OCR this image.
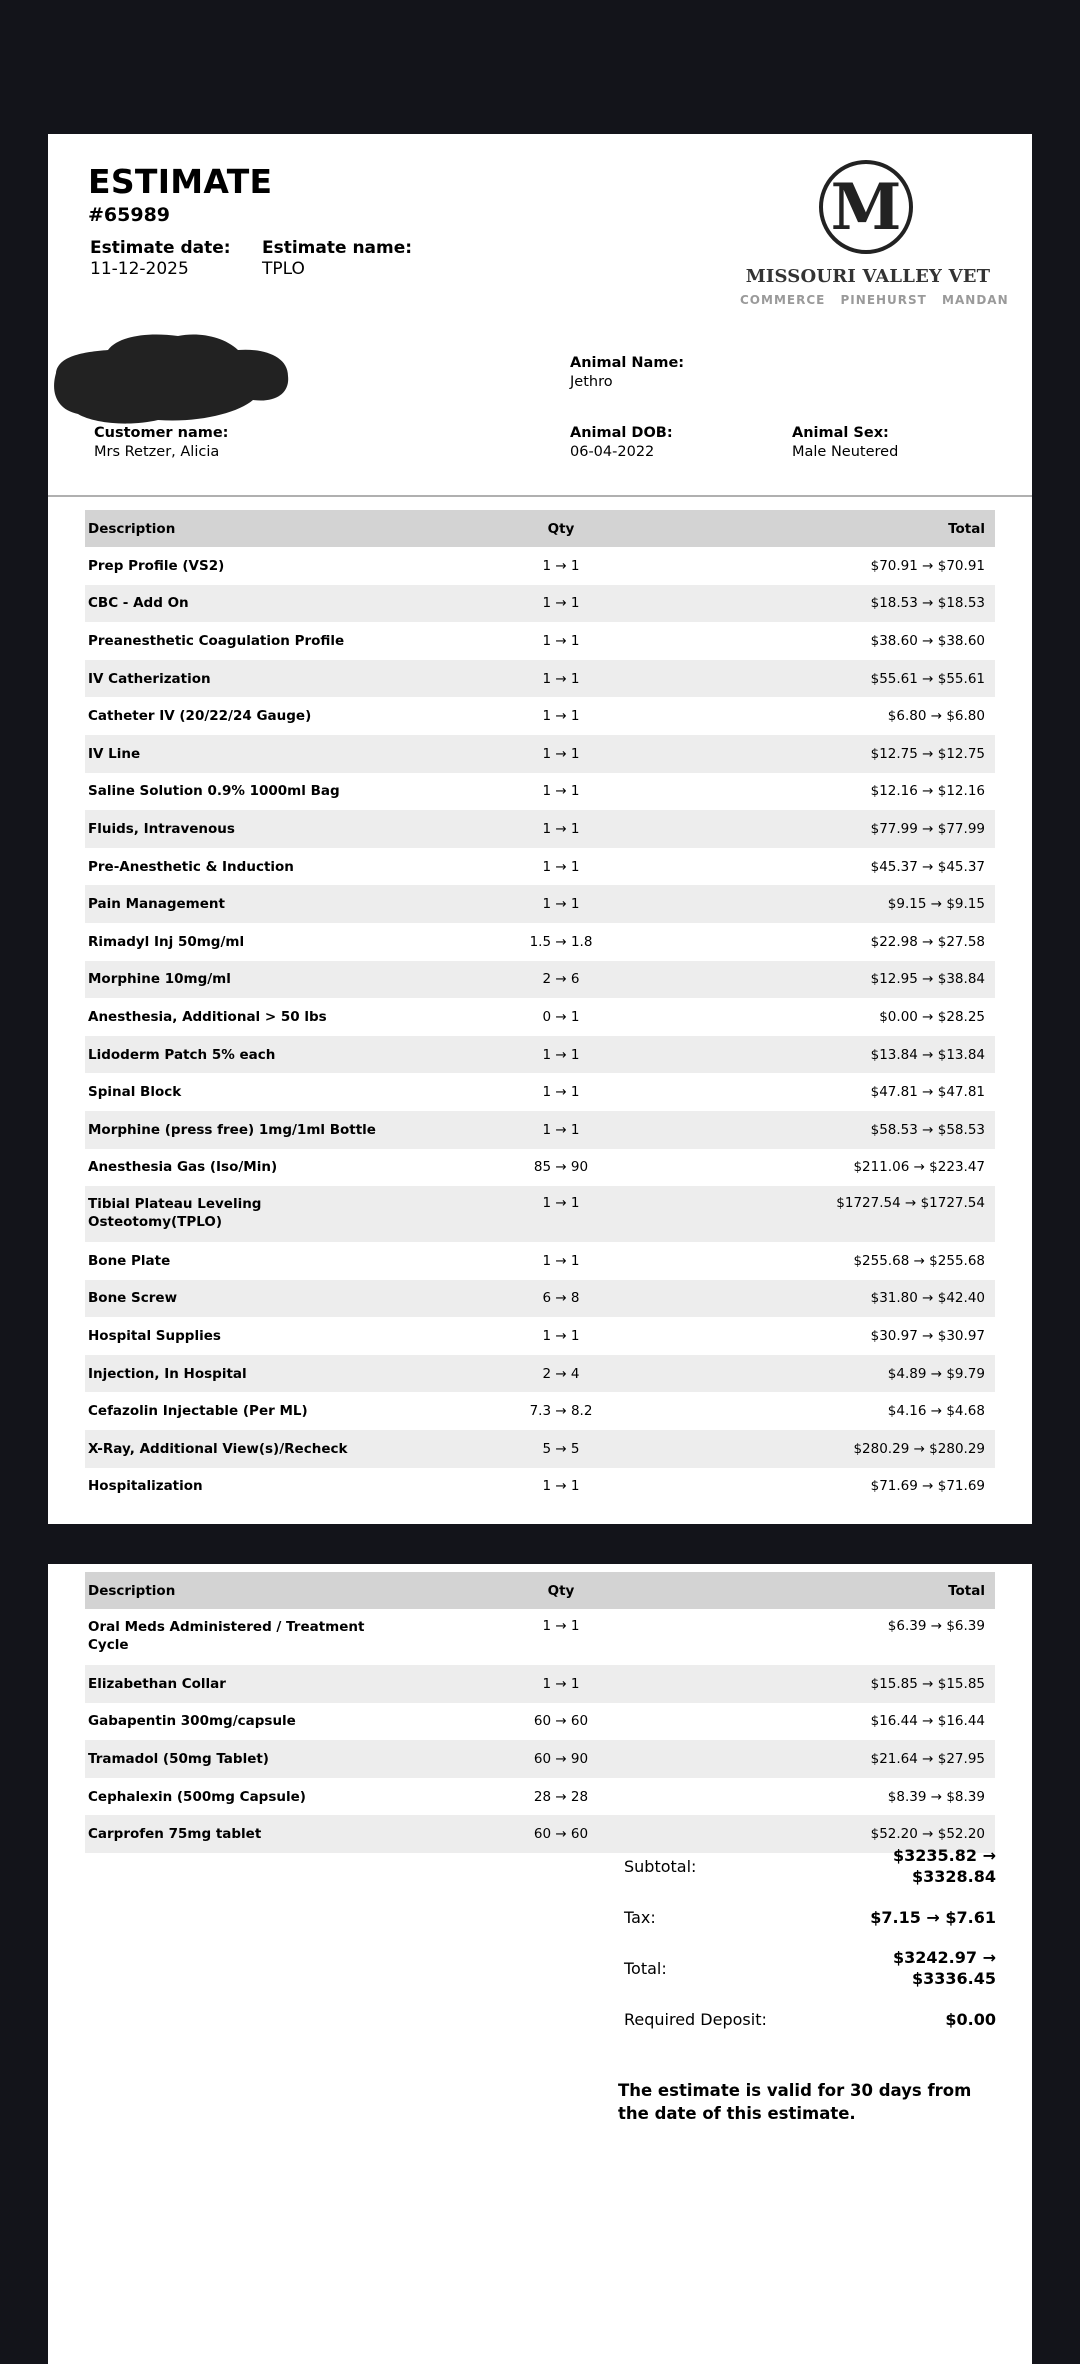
ESTIMATE
#65989
Estimate date:
11-12-2025
Estimate name:
TPLO
M
MISSOURI VALLEY VET
COMMERCE PINEHURST MANDAN
Animal Name:
Jethro
Customer name:
Mrs Retzer, Alicia
Animal DOB:
06-04-2022
Animal Sex:
Male Neutered
Description	Qty	Total
Prep Profile (VS2)	1 → 1	$70.91 → $70.91
CBC - Add On	1 → 1	$18.53 → $18.53
Preanesthetic Coagulation Profile	1 → 1	$38.60 → $38.60
IV Catherization	1 → 1	$55.61 → $55.61
Catheter IV (20/22/24 Gauge)	1 → 1	$6.80 → $6.80
IV Line	1 → 1	$12.75 → $12.75
Saline Solution 0.9% 1000ml Bag	1 → 1	$12.16 → $12.16
Fluids, Intravenous	1 → 1	$77.99 → $77.99
Pre-Anesthetic & Induction	1 → 1	$45.37 → $45.37
Pain Management	1 → 1	$9.15 → $9.15
Rimadyl Inj 50mg/ml	1.5 → 1.8	$22.98 → $27.58
Morphine 10mg/ml	2 → 6	$12.95 → $38.84
Anesthesia, Additional > 50 lbs	0 → 1	$0.00 → $28.25
Lidoderm Patch 5% each	1 → 1	$13.84 → $13.84
Spinal Block	1 → 1	$47.81 → $47.81
Morphine (press free) 1mg/1ml Bottle	1 → 1	$58.53 → $58.53
Anesthesia Gas (Iso/Min)	85 → 90	$211.06 → $223.47
Tibial Plateau Leveling Osteotomy(TPLO)	1 → 1	$1727.54 → $1727.54
Bone Plate	1 → 1	$255.68 → $255.68
Bone Screw	6 → 8	$31.80 → $42.40
Hospital Supplies	1 → 1	$30.97 → $30.97
Injection, In Hospital	2 → 4	$4.89 → $9.79
Cefazolin Injectable (Per ML)	7.3 → 8.2	$4.16 → $4.68
X-Ray, Additional View(s)/Recheck	5 → 5	$280.29 → $280.29
Hospitalization	1 → 1	$71.69 → $71.69
Description	Qty	Total
Oral Meds Administered / Treatment Cycle	1 → 1	$6.39 → $6.39
Elizabethan Collar	1 → 1	$15.85 → $15.85
Gabapentin 300mg/capsule	60 → 60	$16.44 → $16.44
Tramadol (50mg Tablet)	60 → 90	$21.64 → $27.95
Cephalexin (500mg Capsule)	28 → 28	$8.39 → $8.39
Carprofen 75mg tablet	60 → 60	$52.20 → $52.20
Subtotal:
$3235.82 → $3328.84
Tax:	$7.15 → $7.61
Total:
$3242.97 → $3336.45
Required Deposit:	$0.00
The estimate is valid for 30 days from the date of this estimate.
